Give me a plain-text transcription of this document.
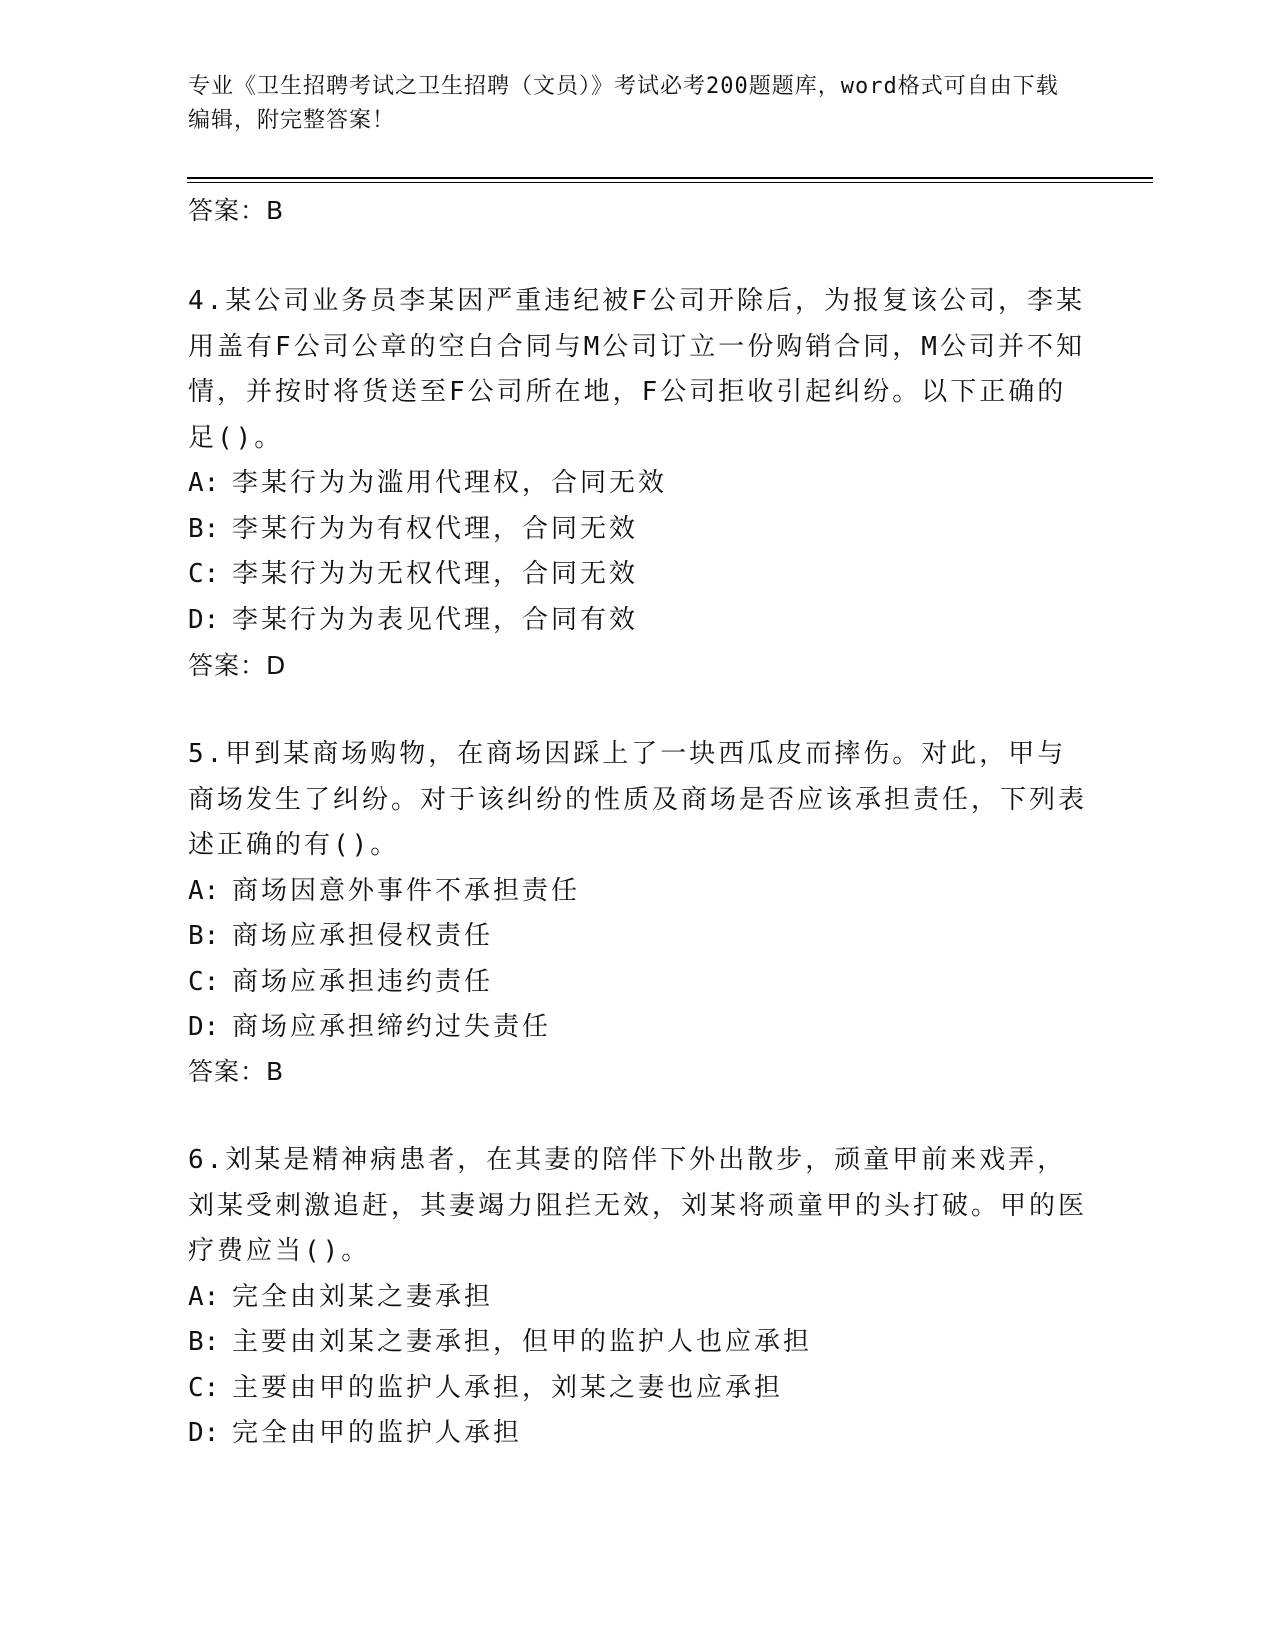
专业《卫生招聘考试之卫生招聘（文员）》考试必考200题题库，word格式可自由下载编辑，附完整答案！
答案：B
4.某公司业务员李某因严重违纪被F公司开除后，为报复该公司，李某用盖有F公司公章的空白合同与M公司订立一份购销合同，M公司并不知情，并按时将货送至F公司所在地，F公司拒收引起纠纷。以下正确的足()。
A: 李某行为为滥用代理权，合同无效
B: 李某行为为有权代理，合同无效
C: 李某行为为无权代理，合同无效
D: 李某行为为表见代理，合同有效
答案：D
5.甲到某商场购物，在商场因踩上了一块西瓜皮而摔伤。对此，甲与商场发生了纠纷。对于该纠纷的性质及商场是否应该承担责任，下列表述正确的有()。
A: 商场因意外事件不承担责任
B: 商场应承担侵权责任
C: 商场应承担违约责任
D: 商场应承担缔约过失责任
答案：B
6.刘某是精神病患者，在其妻的陪伴下外出散步，顽童甲前来戏弄，刘某受刺激追赶，其妻竭力阻拦无效，刘某将顽童甲的头打破。甲的医疗费应当()。
A: 完全由刘某之妻承担
B: 主要由刘某之妻承担，但甲的监护人也应承担
C: 主要由甲的监护人承担，刘某之妻也应承担
D: 完全由甲的监护人承担
